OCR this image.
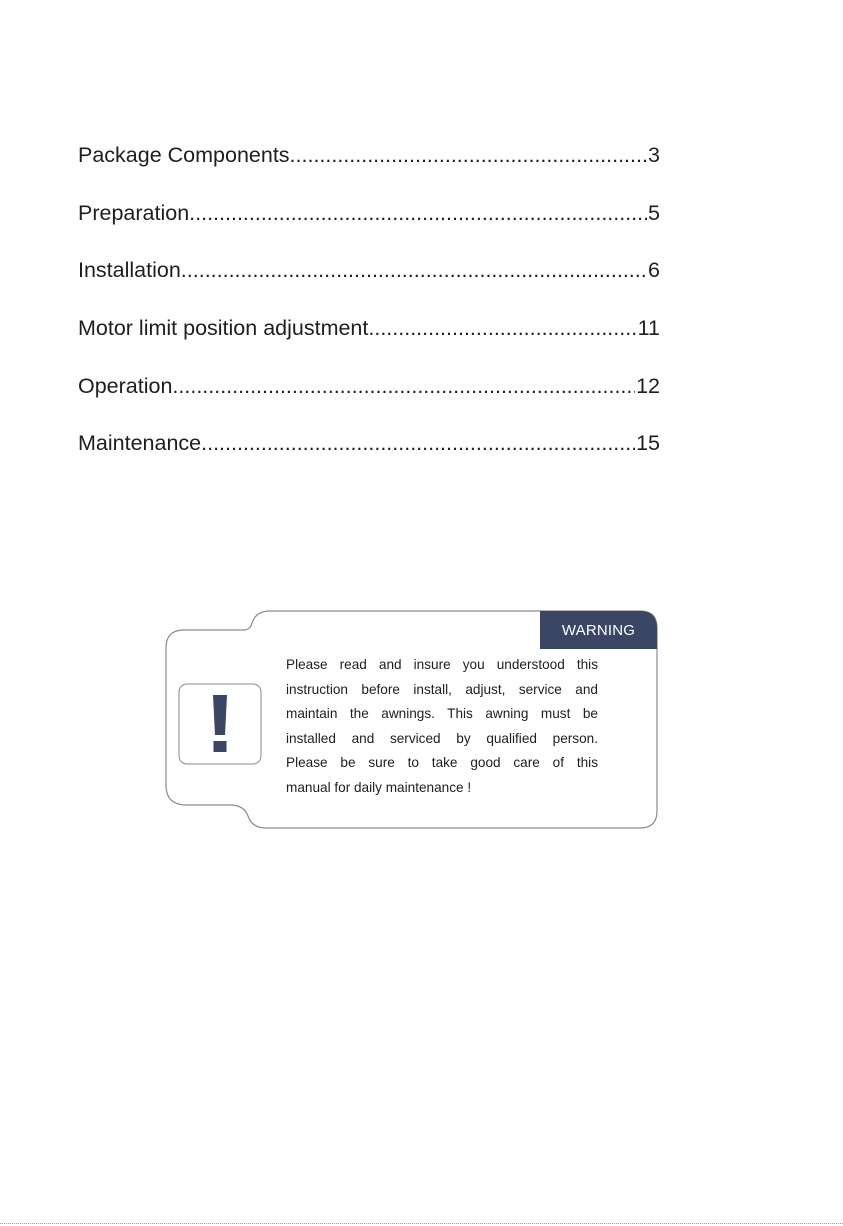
Package Components .....	3
Preparation .....	5
Installation .....	6
Motor limit position adjustment .....	11
Operation .....	12
Maintenance .....	15
WARNING
Please read and insure you understood this
instruction before install, adjust, service and
maintain the awnings. This awning must be
installed and serviced by qualified person.
Please be sure to take good care of this
manual for daily maintenance !
